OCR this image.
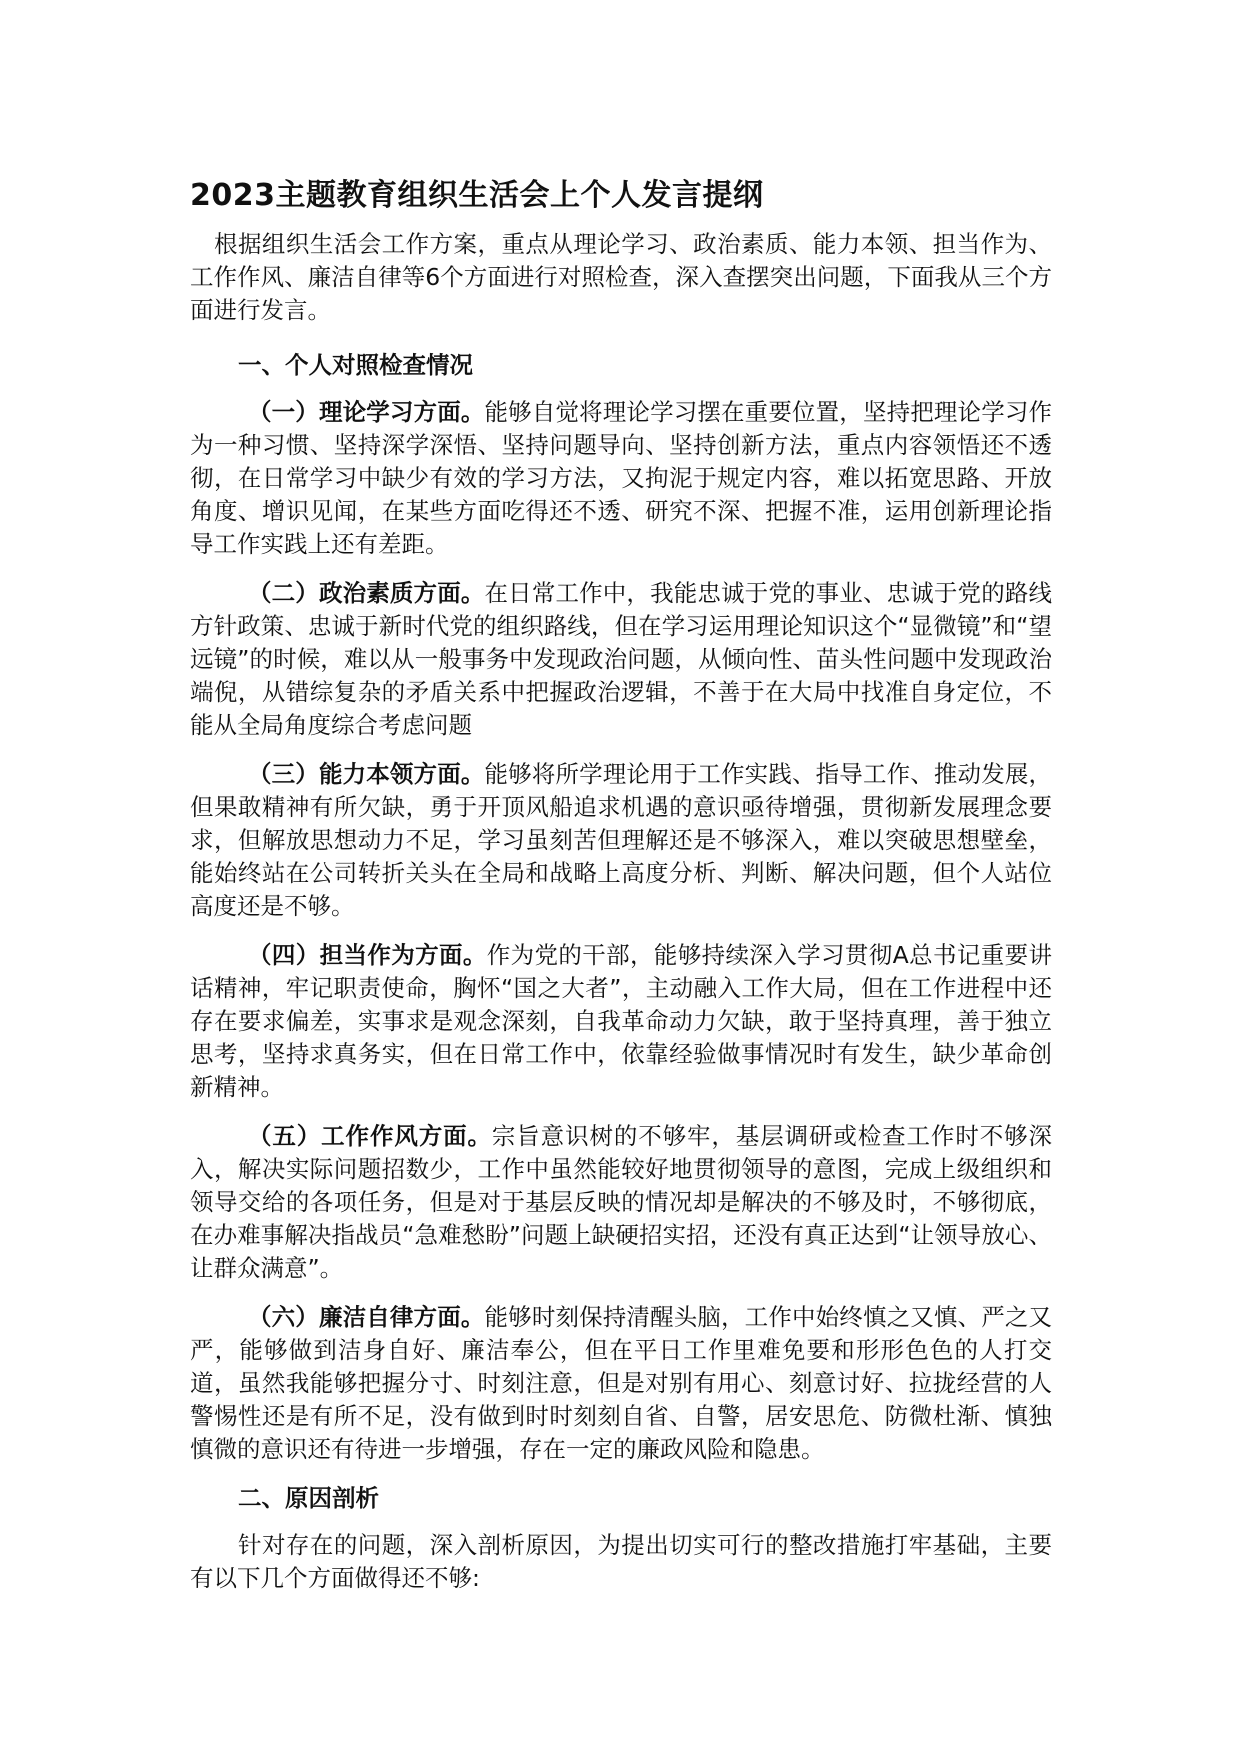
2023主题教育组织生活会上个人发言提纲

根据组织生活会工作方案，重点从理论学习、政治素质、能力本领、担当作为、工作作风、廉洁自律等6个方面进行对照检查，深入查摆突出问题，下面我从三个方面进行发言。

一、个人对照检查情况

（一）理论学习方面。能够自觉将理论学习摆在重要位置，坚持把理论学习作为一种习惯、坚持深学深悟、坚持问题导向、坚持创新方法，重点内容领悟还不透彻，在日常学习中缺少有效的学习方法，又拘泥于规定内容，难以拓宽思路、开放角度、增识见闻，在某些方面吃得还不透、研究不深、把握不准，运用创新理论指导工作实践上还有差距。

（二）政治素质方面。在日常工作中，我能忠诚于党的事业、忠诚于党的路线方针政策、忠诚于新时代党的组织路线，但在学习运用理论知识这个“显微镜”和“望远镜”的时候，难以从一般事务中发现政治问题，从倾向性、苗头性问题中发现政治端倪，从错综复杂的矛盾关系中把握政治逻辑，不善于在大局中找准自身定位，不能从全局角度综合考虑问题

（三）能力本领方面。能够将所学理论用于工作实践、指导工作、推动发展，但果敢精神有所欠缺，勇于开顶风船追求机遇的意识亟待增强，贯彻新发展理念要求，但解放思想动力不足，学习虽刻苦但理解还是不够深入，难以突破思想壁垒，能始终站在公司转折关头在全局和战略上高度分析、判断、解决问题，但个人站位高度还是不够。

（四）担当作为方面。作为党的干部，能够持续深入学习贯彻A总书记重要讲话精神，牢记职责使命，胸怀“国之大者”，主动融入工作大局，但在工作进程中还存在要求偏差，实事求是观念深刻，自我革命动力欠缺，敢于坚持真理，善于独立思考，坚持求真务实，但在日常工作中，依靠经验做事情况时有发生，缺少革命创新精神。

（五）工作作风方面。宗旨意识树的不够牢，基层调研或检查工作时不够深入，解决实际问题招数少，工作中虽然能较好地贯彻领导的意图，完成上级组织和领导交给的各项任务，但是对于基层反映的情况却是解决的不够及时，不够彻底，在办难事解决指战员“急难愁盼”问题上缺硬招实招，还没有真正达到“让领导放心、让群众满意”。

（六）廉洁自律方面。能够时刻保持清醒头脑，工作中始终慎之又慎、严之又严，能够做到洁身自好、廉洁奉公，但在平日工作里难免要和形形色色的人打交道，虽然我能够把握分寸、时刻注意，但是对别有用心、刻意讨好、拉拢经营的人警惕性还是有所不足，没有做到时时刻刻自省、自警，居安思危、防微杜渐、慎独慎微的意识还有待进一步增强，存在一定的廉政风险和隐患。

二、原因剖析

针对存在的问题，深入剖析原因，为提出切实可行的整改措施打牢基础，主要有以下几个方面做得还不够:
